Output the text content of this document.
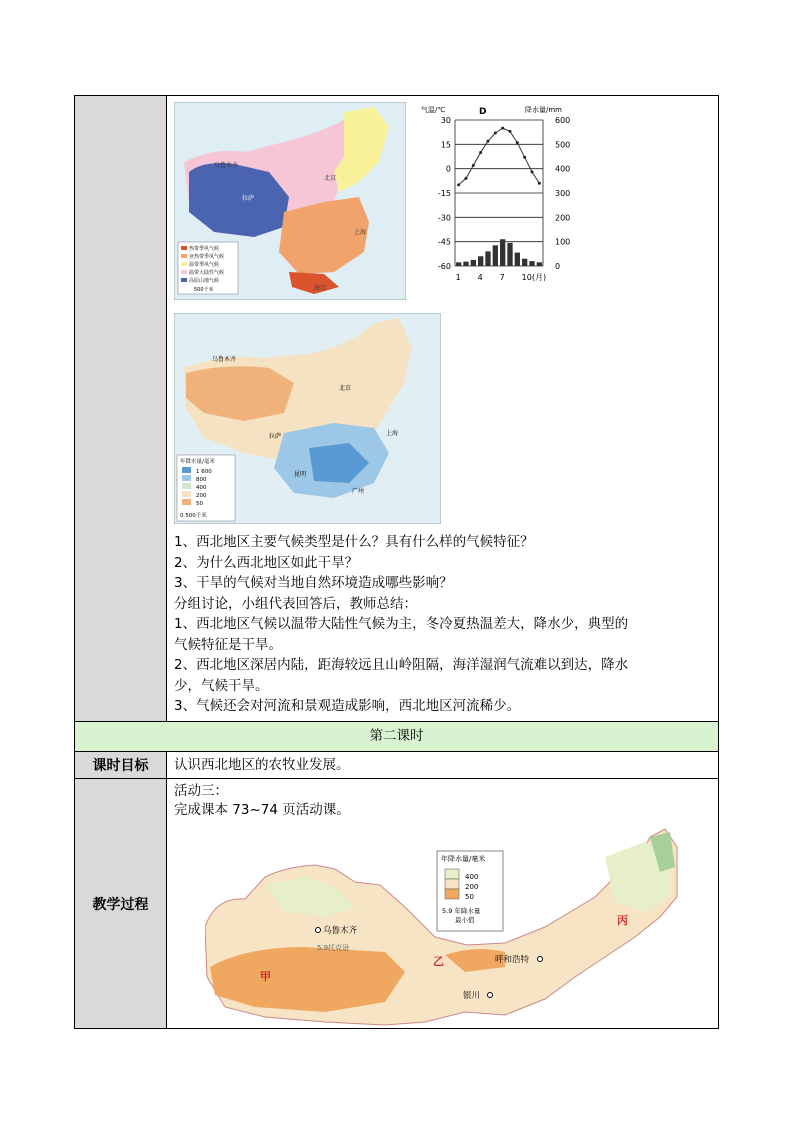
拉萨
乌鲁木齐
北京
上海
海口
热带季风气候
亚热带季风气候
温带季风气候
温带大陆性气候
高原山地气候
500千米
气温/℃	D	降水量/mm
30	600
15	500
0	400
-15	300
-30	200
-45	100
-60	0
1 4 7 10(月)
乌鲁木齐
拉萨
北京
上海
昆明
广州
年降水量/毫米
1 600
800
400
200
50
0 500千米
1、西北地区主要气候类型是什么？具有什么样的气候特征？
2、为什么西北地区如此干旱？
3、干旱的气候对当地自然环境造成哪些影响？
分组讨论，小组代表回答后，教师总结：
1、西北地区气候以温带大陆性气候为主，冬冷夏热温差大，降水少，典型的
气候特征是干旱。
2、西北地区深居内陆，距海较远且山岭阻隔，海洋湿润气流难以到达，降水
少，气候干旱。
3、气候还会对河流和景观造成影响，西北地区河流稀少。
第二课时
课时目标	认识西北地区的农牧业发展。
教学过程
活动三：
完成课本 73~74 页活动课。
乌鲁木齐
5.9托克逊
呼和浩特
银川
甲
乙
丙
年降水量/毫米
400
200
50
5.9 年降水量
最小值
